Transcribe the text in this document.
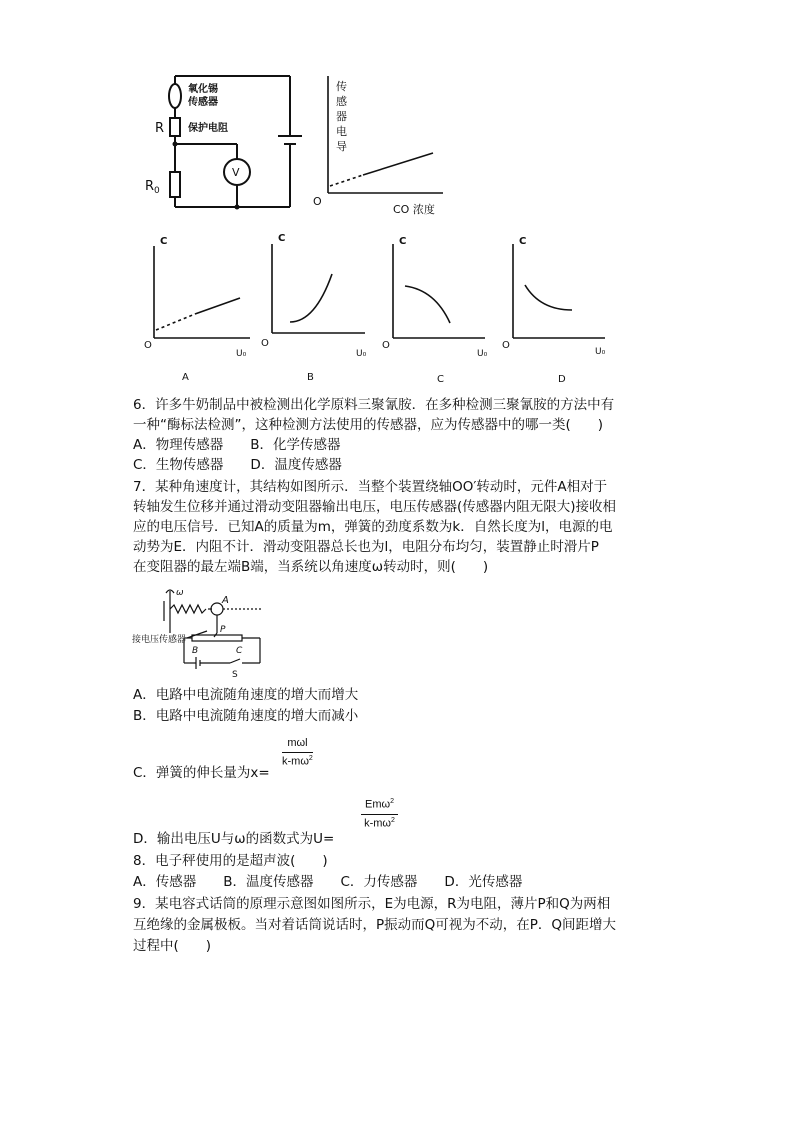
氧化锡
传感器
R 保护电阻
$R_0$
V
传
感
器
电
导
O
CO 浓度
C
O
U₀
A
C
O
U₀
B
C
O
U₀
C
C
O
U₀
D
6．许多牛奶制品中被检测出化学原料三聚氰胺．在多种检测三聚氰胺的方法中有
一种“酶标法检测”，这种检测方法使用的传感器，应为传感器中的哪一类(　　)
A．物理传感器　　B．化学传感器
C．生物传感器　　D．温度传感器
7．某种角速度计，其结构如图所示．当整个装置绕轴OO′转动时，元件A相对于
转轴发生位移并通过滑动变阻器输出电压，电压传感器(传感器内阻无限大)接收相
应的电压信号．已知A的质量为m，弹簧的劲度系数为k．自然长度为l，电源的电
动势为E．内阻不计．滑动变阻器总长也为l，电阻分布均匀，装置静止时滑片P
在变阻器的最左端B端，当系统以角速度ω转动时，则(　　)
ω
A
接电压传感器
P
B	C
S
A．电路中电流随角速度的增大而增大
B．电路中电流随角速度的增大而减小
C．弹簧的伸长量为x=
mωl
$k-m\omega^2$
D．输出电压U与ω的函数式为U=
Emω$^2$
$k-m\omega^2$
8．电子秤使用的是超声波(　　)
A．传感器　　B．温度传感器　　C．力传感器　　D．光传感器
9．某电容式话筒的原理示意图如图所示，E为电源，R为电阻，薄片P和Q为两相
互绝缘的金属极板。当对着话筒说话时，P振动而Q可视为不动，在P．Q间距增大
过程中(　　)
